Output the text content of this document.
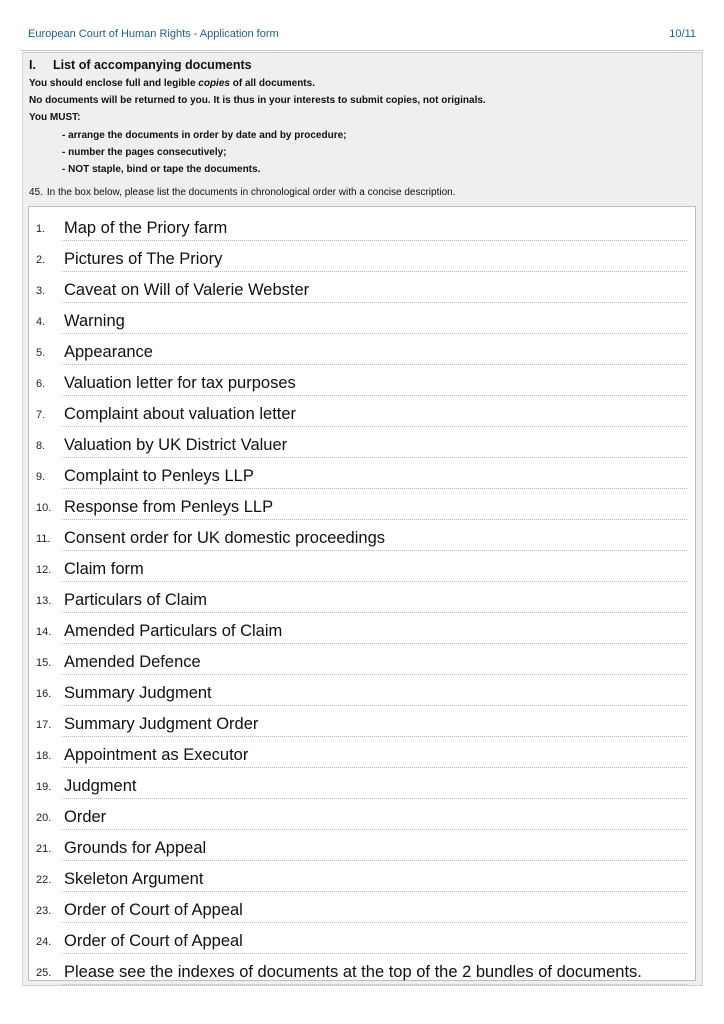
European Court of Human Rights - Application form	10/11
I. List of accompanying documents
You should enclose full and legible copies of all documents.
No documents will be returned to you. It is thus in your interests to submit copies, not originals.
You MUST:
- arrange the documents in order by date and by procedure;
- number the pages consecutively;
- NOT staple, bind or tape the documents.
45. In the box below, please list the documents in chronological order with a concise description.
1. Map of the Priory farm
2. Pictures of The Priory
3. Caveat on Will of Valerie Webster
4. Warning
5. Appearance
6. Valuation letter for tax purposes
7. Complaint about valuation letter
8. Valuation by UK District Valuer
9. Complaint to Penleys LLP
10. Response from Penleys LLP
11. Consent order for UK domestic proceedings
12. Claim form
13. Particulars of Claim
14. Amended Particulars of Claim
15. Amended Defence
16. Summary Judgment
17. Summary Judgment Order
18. Appointment as Executor
19. Judgment
20. Order
21. Grounds for Appeal
22. Skeleton Argument
23. Order of Court of Appeal
24. Order of Court of Appeal
25. Please see the indexes of documents at the top of the 2 bundles of documents.
